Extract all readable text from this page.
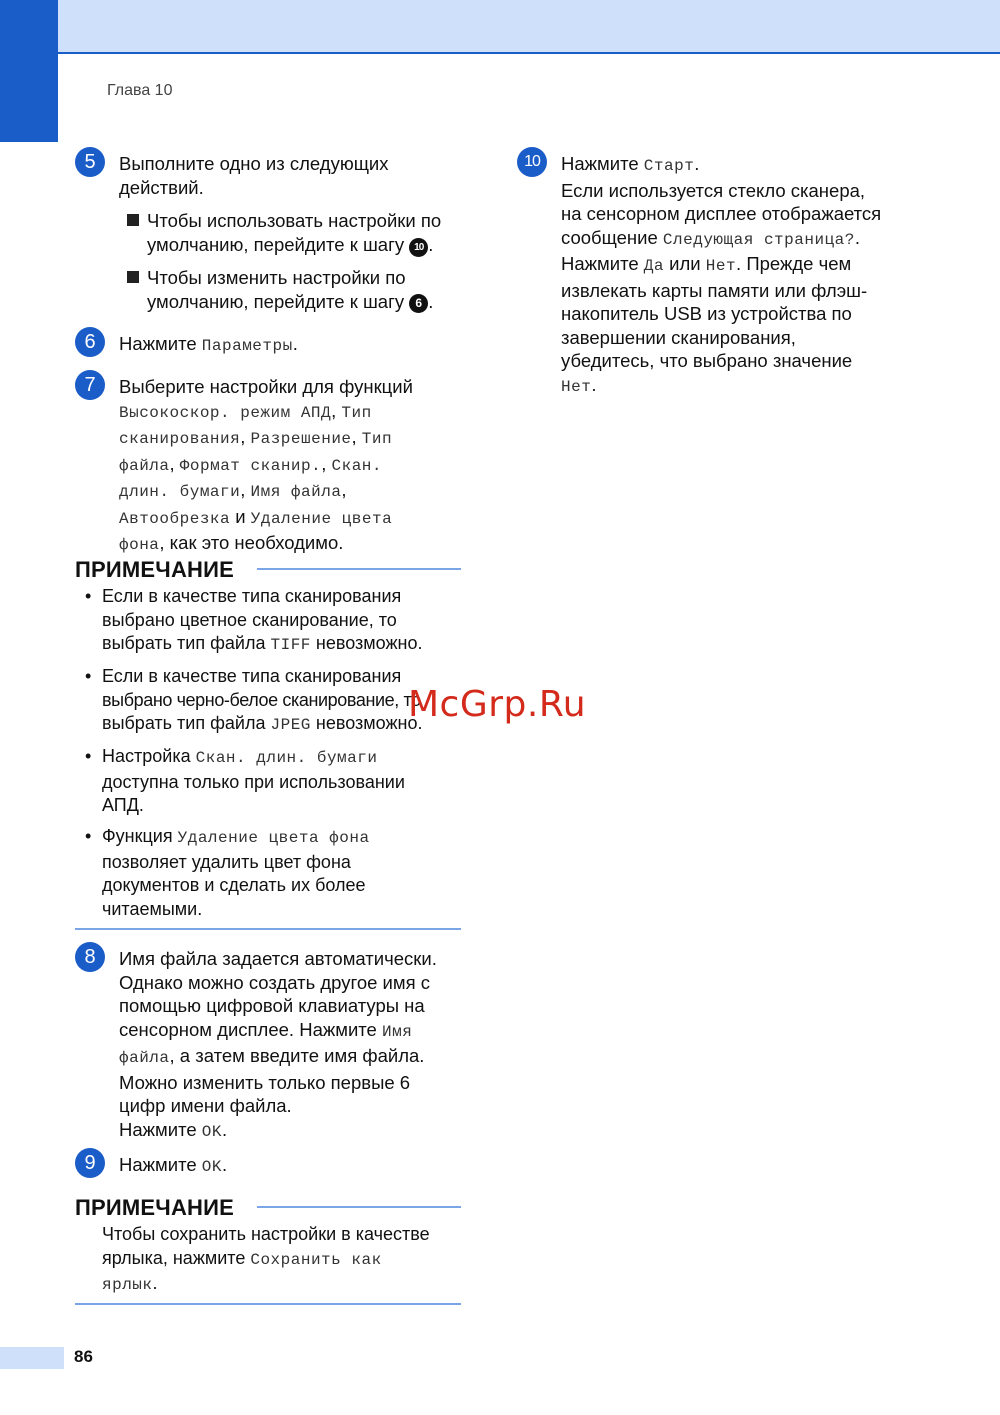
Глава 10
5	Выполните одно из следующих

действий.

Чтобы использовать настройки по

умолчанию, перейдите к шагу 10 .

Чтобы изменить настройки по

умолчанию, перейдите к шагу 6 .

6	Нажмите Параметры.

7	Выберите настройки для функций

Высокоскор. режим АПД, Тип

сканирования, Разрешение, Тип

файла, Формат сканир., Скан.

длин. бумаги, Имя файла,

Автообрезка и Удаление цвета

фона, как это необходимо.

ПРИМЕЧАНИЕ
• Если в качестве типа сканирования

выбрано цветное сканирование, то

выбрать тип файла TIFF невозможно.

• Если в качестве типа сканирования

выбрано черно-белое сканирование, то

выбрать тип файла JPEG невозможно.

• Настройка Скан. длин. бумаги

доступна только при использовании

АПД.

• Функция Удаление цвета фона

позволяет удалить цвет фона

документов и сделать их более

читаемыми.

8	Имя файла задается автоматически.

Однако можно создать другое имя с

помощью цифровой клавиатуры на

сенсорном дисплее. Нажмите Имя

файла, а затем введите имя файла.

Можно изменить только первые 6

цифр имени файла.

Нажмите OK.

9	Нажмите OK.

ПРИМЕЧАНИЕ

Чтобы сохранить настройки в качестве

ярлыка, нажмите Сохранить как

ярлык.

10	Нажмите Старт.

Если используется стекло сканера,

на сенсорном дисплее отображается

сообщение Следующая страница?.

Нажмите Да или Нет. Прежде чем

извлекать карты памяти или флэш-

накопитель USB из устройства по

завершении сканирования,

убедитесь, что выбрано значение

Нет.

McGrp.Ru
86
